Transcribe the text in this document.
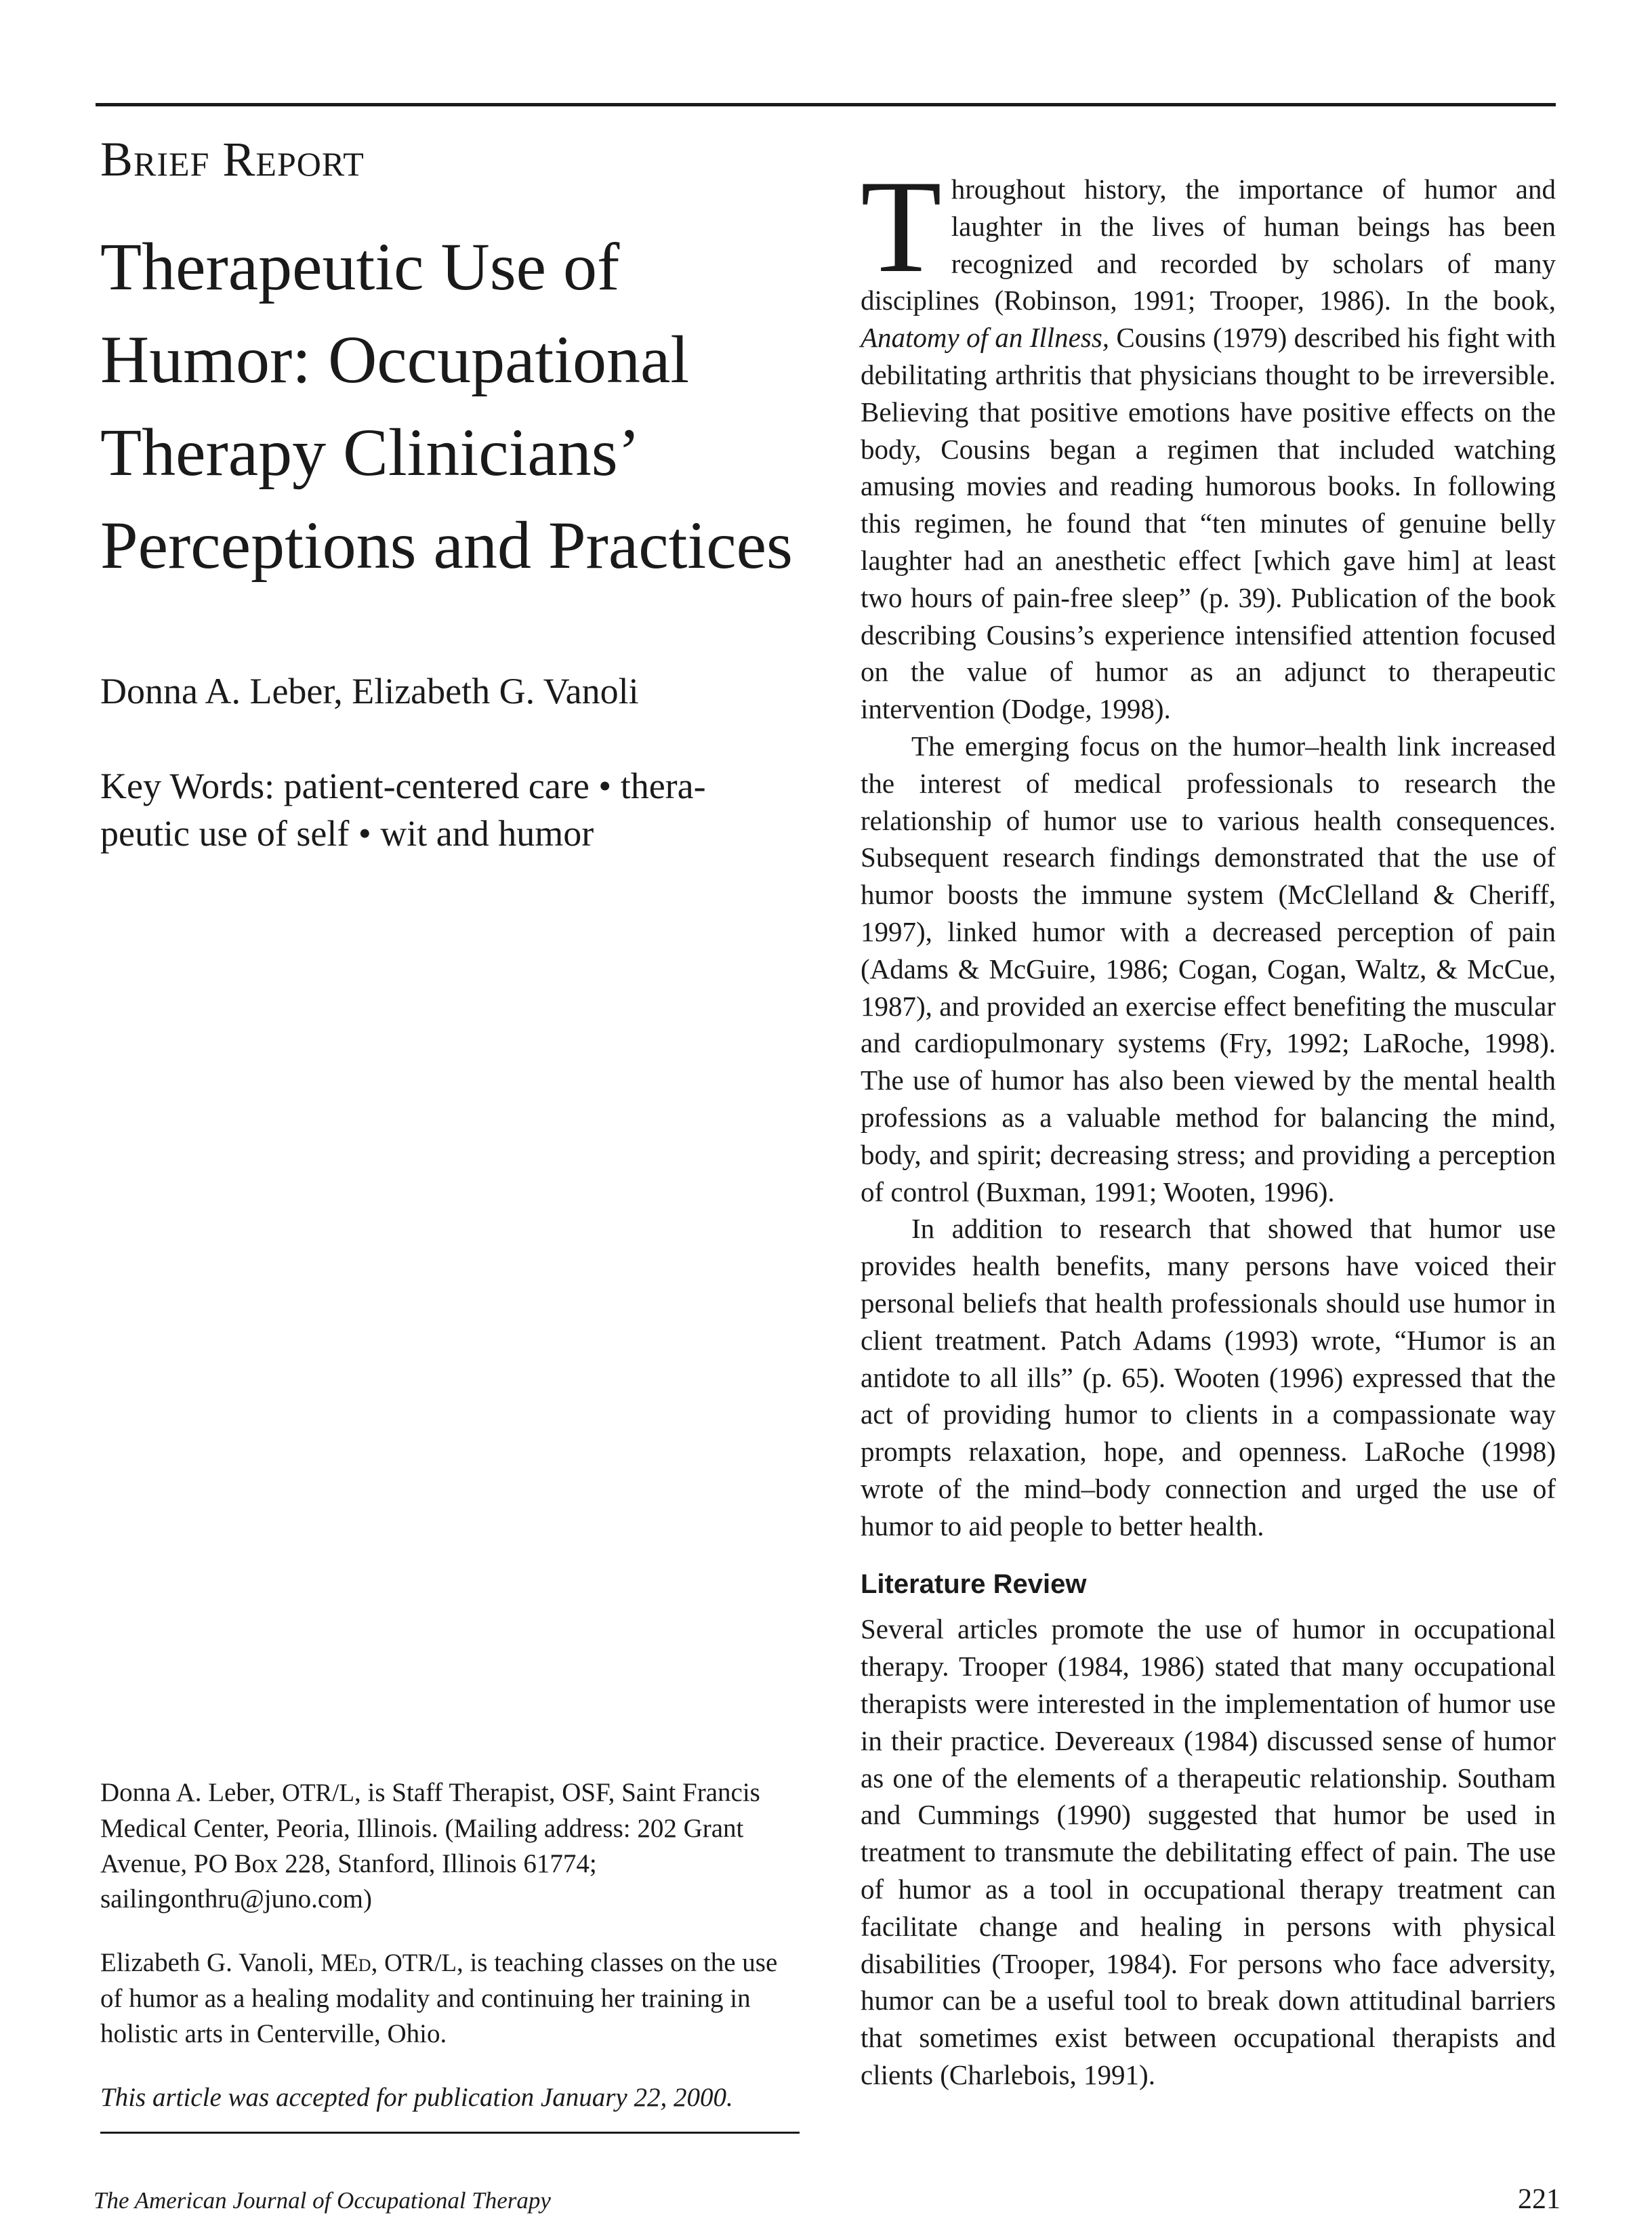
Brief Report
Therapeutic Use of Humor: Occupational Therapy Clinicians’ Perceptions and Practices
Donna A. Leber, Elizabeth G. Vanoli
Key Words: patient-centered care • thera-peutic use of self • wit and humor

Donna A. Leber, OTR/L, is Staff Therapist, OSF, Saint Francis Medical Center, Peoria, Illinois. (Mailing address: 202 Grant Avenue, PO Box 228, Stanford, Illinois 61774; sailingonthru@juno.com)

Elizabeth G. Vanoli, MEd, OTR/L, is teaching classes on the use of humor as a healing modality and continuing her training in holistic arts in Centerville, Ohio.

This article was accepted for publication January 22, 2000.

Throughout history, the importance of humor and laughter in the lives of human beings has been recognized and recorded by scholars of many disciplines (Robinson, 1991; Trooper, 1986). In the book, Anatomy of an Illness, Cousins (1979) described his fight with debilitating arthritis that physicians thought to be irreversible. Believing that positive emotions have positive effects on the body, Cousins began a regimen that included watching amusing movies and reading humorous books. In following this regimen, he found that “ten minutes of genuine belly laughter had an anesthetic effect [which gave him] at least two hours of pain-free sleep” (p. 39). Publication of the book describing Cousins’s experience intensified attention focused on the value of humor as an adjunct to therapeutic intervention (Dodge, 1998).

The emerging focus on the humor–health link increased the interest of medical professionals to research the relationship of humor use to various health consequences. Subsequent research findings demonstrated that the use of humor boosts the immune system (McClelland & Cheriff, 1997), linked humor with a decreased perception of pain (Adams & McGuire, 1986; Cogan, Cogan, Waltz, & McCue, 1987), and provided an exercise effect benefiting the muscular and cardiopulmonary systems (Fry, 1992; LaRoche, 1998). The use of humor has also been viewed by the mental health professions as a valuable method for balancing the mind, body, and spirit; decreasing stress; and providing a perception of control (Buxman, 1991; Wooten, 1996).

In addition to research that showed that humor use provides health benefits, many persons have voiced their personal beliefs that health professionals should use humor in client treatment. Patch Adams (1993) wrote, “Humor is an antidote to all ills” (p. 65). Wooten (1996) expressed that the act of providing humor to clients in a compassionate way prompts relaxation, hope, and openness. LaRoche (1998) wrote of the mind–body connection and urged the use of humor to aid people to better health.

Literature Review

Several articles promote the use of humor in occupational therapy. Trooper (1984, 1986) stated that many occupational therapists were interested in the implementation of humor use in their practice. Devereaux (1984) discussed sense of humor as one of the elements of a therapeutic relationship. Southam and Cummings (1990) suggested that humor be used in treatment to transmute the debilitating effect of pain. The use of humor as a tool in occupational therapy treatment can facilitate change and healing in persons with physical disabilities (Trooper, 1984). For persons who face adversity, humor can be a useful tool to break down attitudinal barriers that sometimes exist between occupational therapists and clients (Charlebois, 1991).

The American Journal of Occupational Therapy	221
